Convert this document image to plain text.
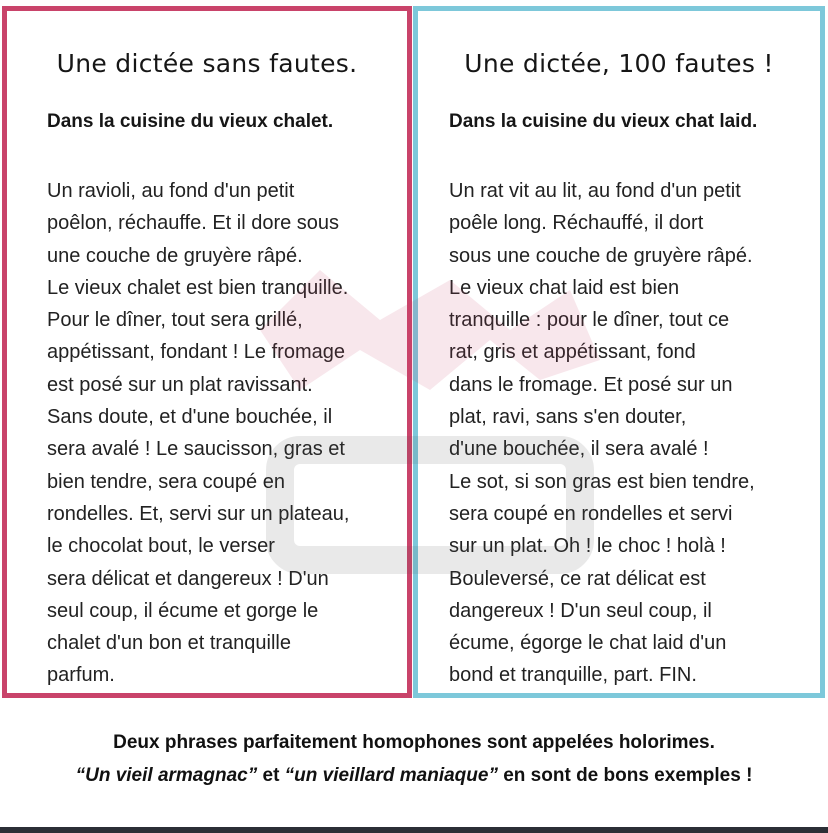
Une dictée sans fautes.
Dans la cuisine du vieux chalet.
Un ravioli, au fond d'un petit
poêlon, réchauffe. Et il dore sous
une couche de gruyère râpé.
Le vieux chalet est bien tranquille.
Pour le dîner, tout sera grillé,
appétissant, fondant ! Le fromage
est posé sur un plat ravissant.
Sans doute, et d'une bouchée, il
sera avalé ! Le saucisson, gras et
bien tendre, sera coupé en
rondelles. Et, servi sur un plateau,
le chocolat bout, le verser
sera délicat et dangereux ! D'un
seul coup, il écume et gorge le
chalet d'un bon et tranquille
parfum.
Une dictée, 100 fautes !
Dans la cuisine du vieux chat laid.
Un rat vit au lit, au fond d'un petit
poêle long. Réchauffé, il dort
sous une couche de gruyère râpé.
Le vieux chat laid est bien
tranquille : pour le dîner, tout ce
rat, gris et appétissant, fond
dans le fromage. Et posé sur un
plat, ravi, sans s'en douter,
d'une bouchée, il sera avalé !
Le sot, si son gras est bien tendre,
sera coupé en rondelles et servi
sur un plat. Oh ! le choc ! holà !
Bouleversé, ce rat délicat est
dangereux ! D'un seul coup, il
écume, égorge le chat laid d'un
bond et tranquille, part. FIN.
Deux phrases parfaitement homophones sont appelées holorimes.
“Un vieil armagnac” et “un vieillard maniaque” en sont de bons exemples !
